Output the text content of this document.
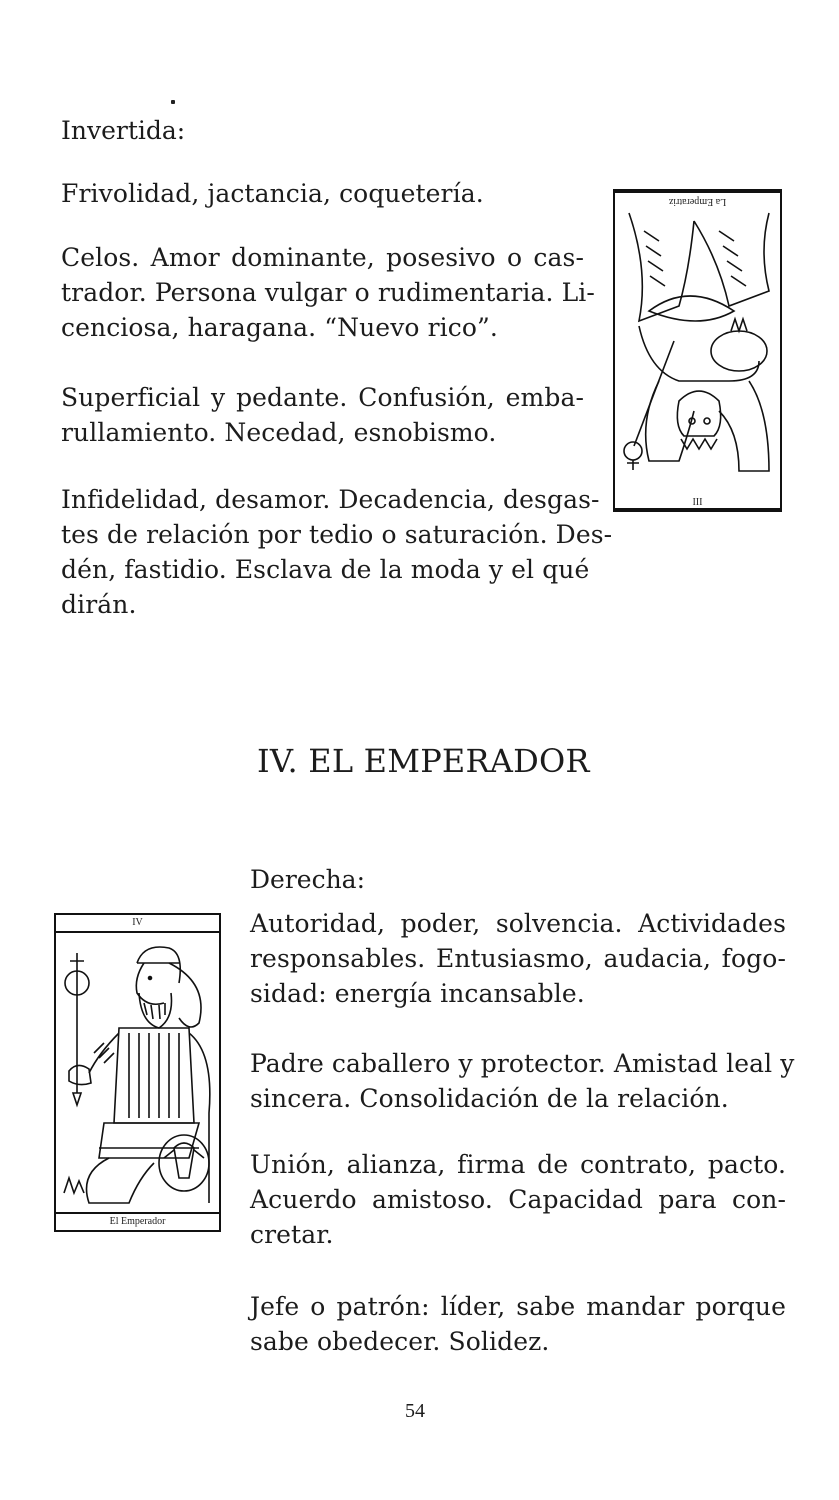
Invertida:
Frivolidad, jactancia, coquetería.
Celos. Amor dominante, posesivo o cas-
trador. Persona vulgar o rudimentaria. Li-
cenciosa, haragana. “Nuevo rico”.
Superficial y pedante. Confusión, emba-
rullamiento. Necedad, esnobismo.
Infidelidad, desamor. Decadencia, desgas-
tes de relación por tedio o saturación. Des-
dén, fastidio. Esclava de la moda y el qué
dirán.
La Emperatriz
III
IV. EL EMPERADOR
Derecha:
Autoridad, poder, solvencia. Actividades
responsables. Entusiasmo, audacia, fogo-
sidad: energía incansable.
Padre caballero y protector. Amistad leal y
sincera. Consolidación de la relación.
Unión, alianza, firma de contrato, pacto.
Acuerdo amistoso. Capacidad para con-
cretar.
Jefe o patrón: líder, sabe mandar porque
sabe obedecer. Solidez.
IV
El Emperador
54
